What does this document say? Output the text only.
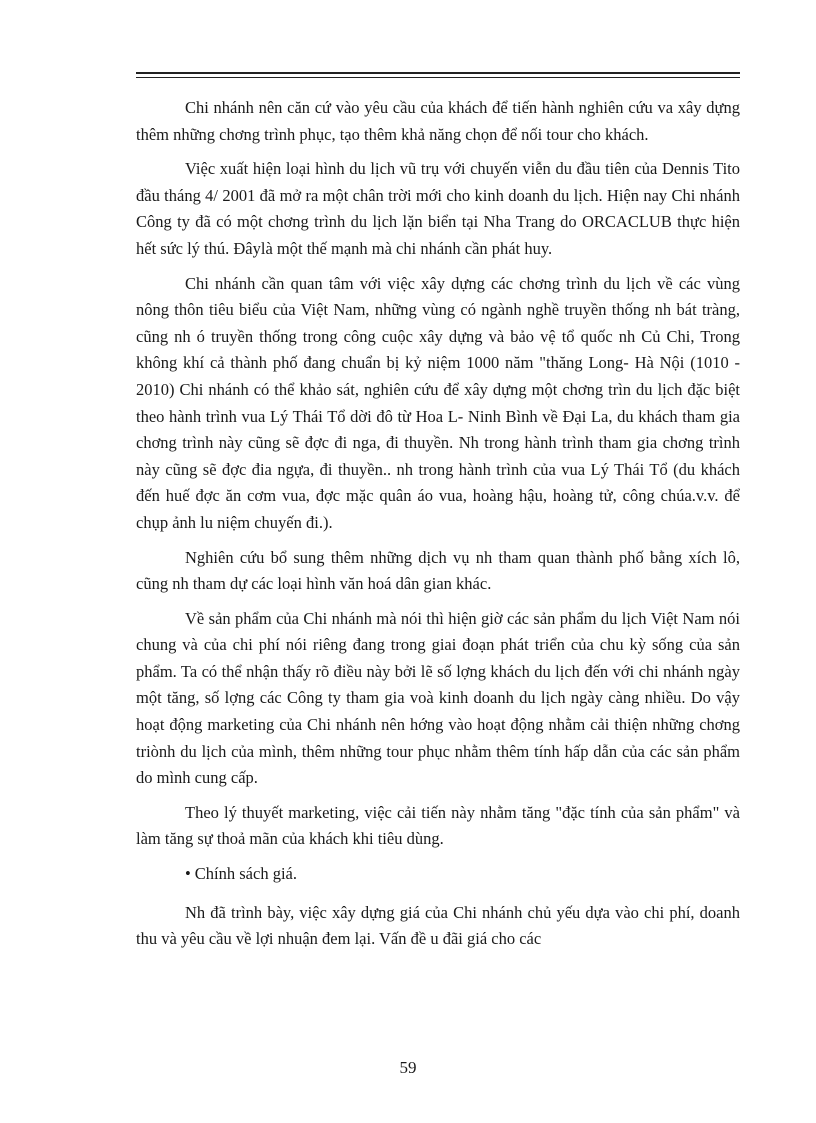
Chi nhánh nên căn cứ vào yêu cầu của khách để tiến hành nghiên cứu va xây dựng thêm những chơng trình phục, tạo thêm khả năng chọn để nối tour cho khách.

Việc xuất hiện loại hình du lịch vũ trụ với chuyến viễn du đầu tiên của Dennis Tito đầu tháng 4/ 2001 đã mở ra một chân trời mới cho kinh doanh du lịch. Hiện nay Chi nhánh Công ty đã có một chơng trình du lịch lặn biển tại Nha Trang do ORCACLUB thực hiện hết sức lý thú. Đâylà một thế mạnh mà chi nhánh cần phát huy.

Chi nhánh cần quan tâm với việc xây dựng các chơng trình du lịch về các vùng nông thôn tiêu biểu của Việt Nam, những vùng có ngành nghề truyền thống nh bát tràng, cũng nh ó truyền thống trong công cuộc xây dựng và bảo vệ tổ quốc nh Củ Chi, Trong không khí cả thành phố đang chuẩn bị kỷ niệm 1000 năm "thăng Long- Hà Nội (1010 - 2010) Chi nhánh có thể khảo sát, nghiên cứu để xây dựng một chơng trìn du lịch đặc biệt theo hành trình vua Lý Thái Tổ dời đô từ Hoa L- Ninh Bình về Đại La, du khách tham gia chơng trình này cũng sẽ đợc đi nga, đi thuyền. Nh trong hành trình tham gia chơng trình này cũng sẽ đợc đia ngựa, đi thuyền.. nh trong hành trình của vua Lý Thái Tổ (du khách đến huế đợc ăn cơm vua, đợc mặc quân áo vua, hoàng hậu, hoàng tử, công chúa.v.v. để chụp ảnh lu niệm chuyến đi.).

Nghiên cứu bổ sung thêm những dịch vụ nh tham quan thành phố bằng xích lô, cũng nh tham dự các loại hình văn hoá dân gian khác.

Về sản phẩm của Chi nhánh mà nói thì hiện giờ các sản phẩm du lịch Việt Nam nói chung và của chi phí nói riêng đang trong giai đoạn phát triển của chu kỳ sống của sản phẩm. Ta có thể nhận thấy rõ điều này bởi lẽ số lợng khách du lịch đến với chi nhánh ngày một tăng, số lợng các Công ty tham gia voà kinh doanh du lịch ngày càng nhiều. Do vậy hoạt động marketing của Chi nhánh nên hớng vào hoạt động nhằm cải thiện những chơng triònh du lịch của mình, thêm những tour phục nhằm thêm tính hấp dẫn của các sản phẩm do mình cung cấp.

Theo lý thuyết marketing, việc cải tiến này nhằm tăng "đặc tính của sản phẩm" và làm tăng sự thoả mãn của khách khi tiêu dùng.

• Chính sách giá.

Nh đã trình bày, việc xây dựng giá của Chi nhánh chủ yếu dựa vào chi phí, doanh thu và yêu cầu về lợi nhuận đem lại. Vấn đề u đãi giá cho các

59
